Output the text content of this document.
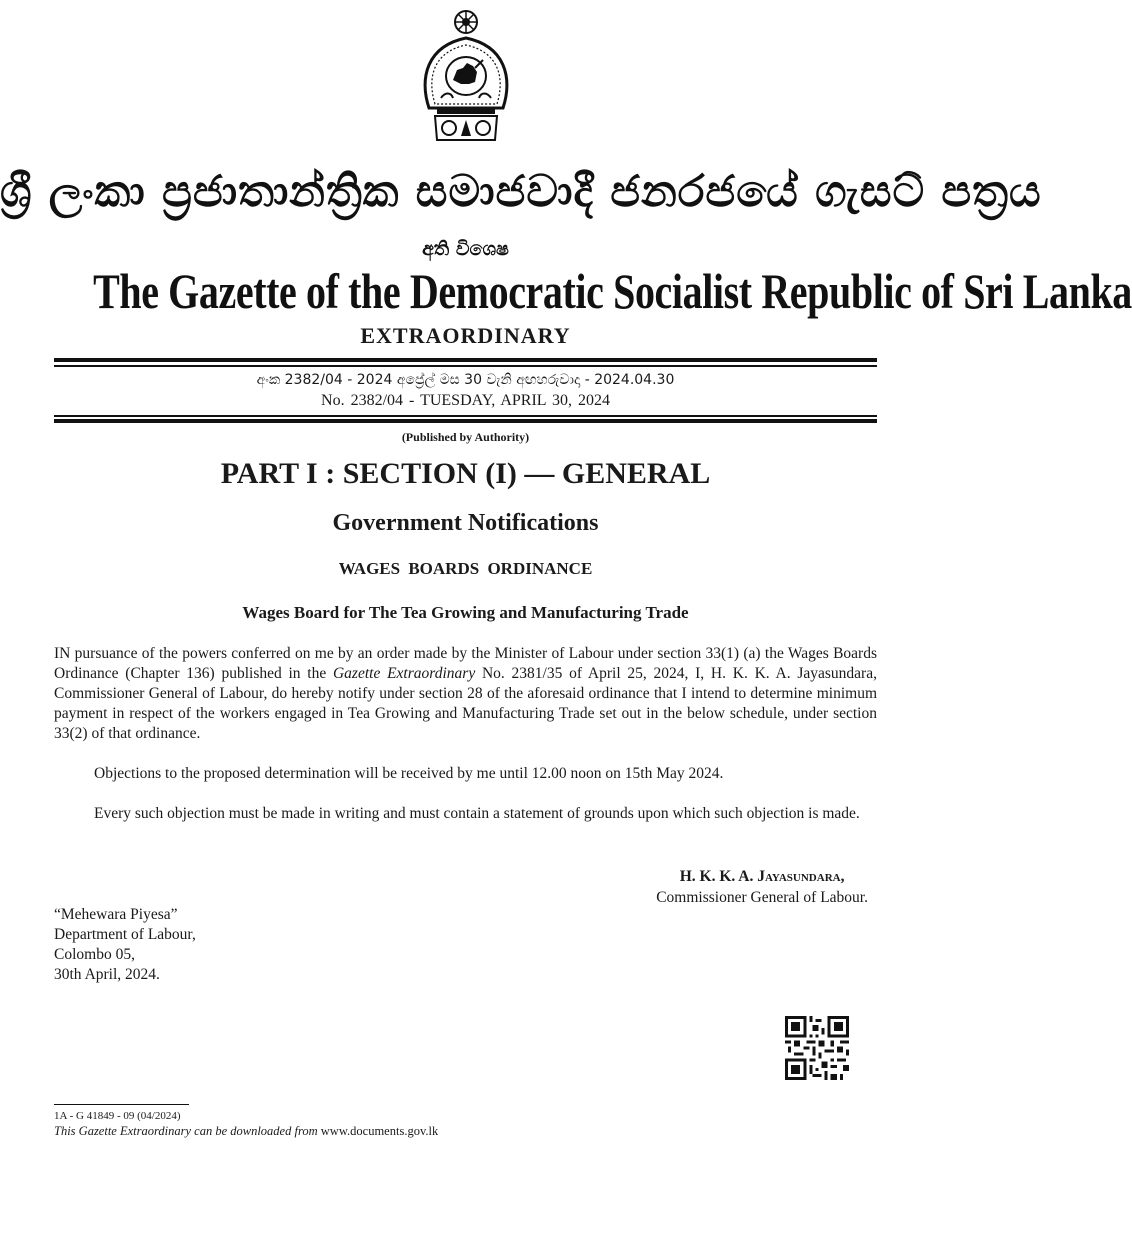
ශ්‍රී ලංකා ප්‍රජාතාන්ත්‍රික සමාජවාදී ජනරජයේ ගැසට් පත්‍රය
අති විශෙෂ
The Gazette of the Democratic Socialist Republic of Sri Lanka
EXTRAORDINARY
අංක 2382/04 - 2024 අප්‍රේල් මස 30 වැනි අඟහරුවාදා - 2024.04.30
No. 2382/04 - TUESDAY, APRIL 30, 2024
(Published by Authority)
PART I : SECTION (I) — GENERAL
Government Notifications
WAGES BOARDS ORDINANCE
Wages Board for The Tea Growing and Manufacturing Trade

IN pursuance of the powers conferred on me by an order made by the Minister of Labour under section 33(1) (a) the Wages Boards Ordinance (Chapter 136) published in the Gazette Extraordinary No. 2381/35 of April 25, 2024, I, H. K. K. A. Jayasundara, Commissioner General of Labour, do hereby notify under section 28 of the aforesaid ordinance that I intend to determine minimum payment in respect of the workers engaged in Tea Growing and Manufacturing Trade set out in the below schedule, under section 33(2) of that ordinance.

Objections to the proposed determination will be received by me until 12.00 noon on 15th May 2024.

Every such objection must be made in writing and must contain a statement of grounds upon which such objection is made.

H. K. K. A. Jayasundara,
Commissioner General of Labour.
“Mehewara Piyesa”
Department of Labour,
Colombo 05,
30th April, 2024.
1A - G 41849 - 09 (04/2024)
This Gazette Extraordinary can be downloaded from www.documents.gov.lk
